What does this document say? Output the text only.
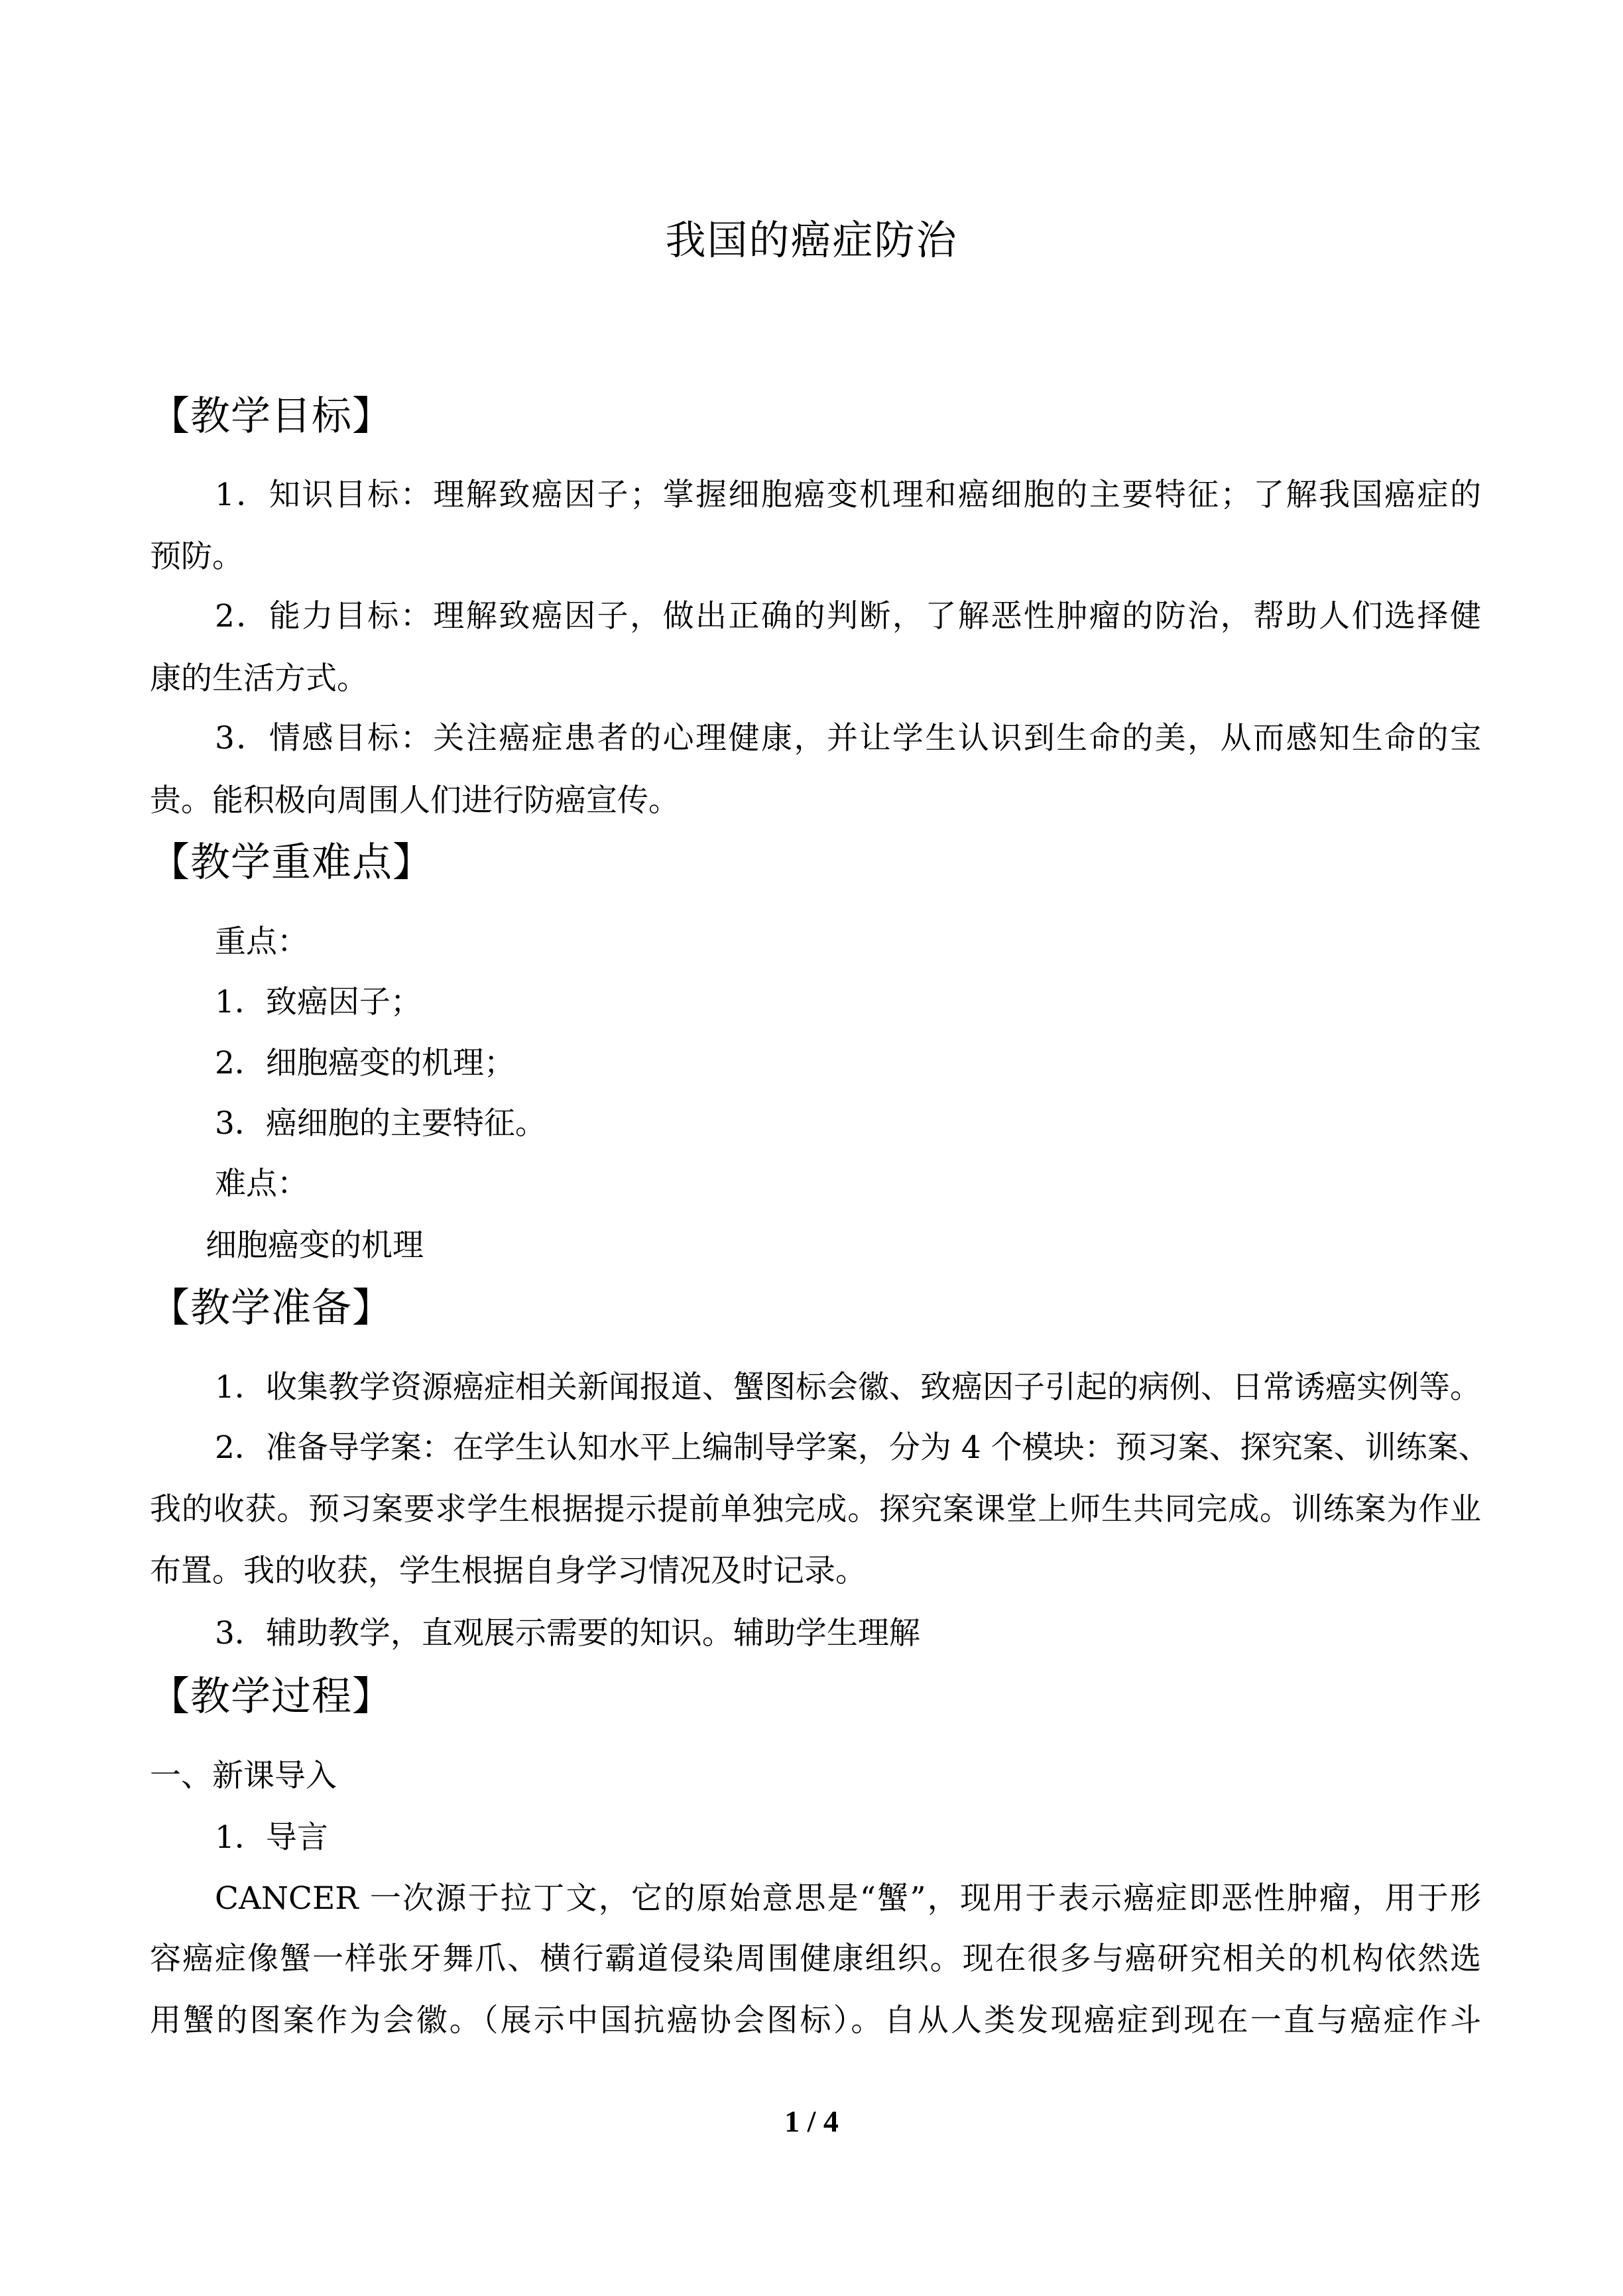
我国的癌症防治
【教学目标】

1．知识目标：理解致癌因子；掌握细胞癌变机理和癌细胞的主要特征；了解我国癌症的

预防。

2．能力目标：理解致癌因子，做出正确的判断，了解恶性肿瘤的防治，帮助人们选择健

康的生活方式。

3．情感目标：关注癌症患者的心理健康，并让学生认识到生命的美，从而感知生命的宝

贵。能积极向周围人们进行防癌宣传。

【教学重难点】

重点：

1．致癌因子；

2．细胞癌变的机理；

3．癌细胞的主要特征。

难点：

细胞癌变的机理

【教学准备】

1．收集教学资源癌症相关新闻报道、蟹图标会徽、致癌因子引起的病例、日常诱癌实例等。

2．准备导学案：在学生认知水平上编制导学案，分为 4 个模块：预习案、探究案、训练案、

我的收获。预习案要求学生根据提示提前单独完成。探究案课堂上师生共同完成。训练案为作业

布置。我的收获，学生根据自身学习情况及时记录。

3．辅助教学，直观展示需要的知识。辅助学生理解

【教学过程】

一、新课导入

1．导言

CANCER 一次源于拉丁文，它的原始意思是“蟹”，现用于表示癌症即恶性肿瘤，用于形

容癌症像蟹一样张牙舞爪、横行霸道侵染周围健康组织。现在很多与癌研究相关的机构依然选

用蟹的图案作为会徽。（展示中国抗癌协会图标）。自从人类发现癌症到现在一直与癌症作斗

1 / 4
